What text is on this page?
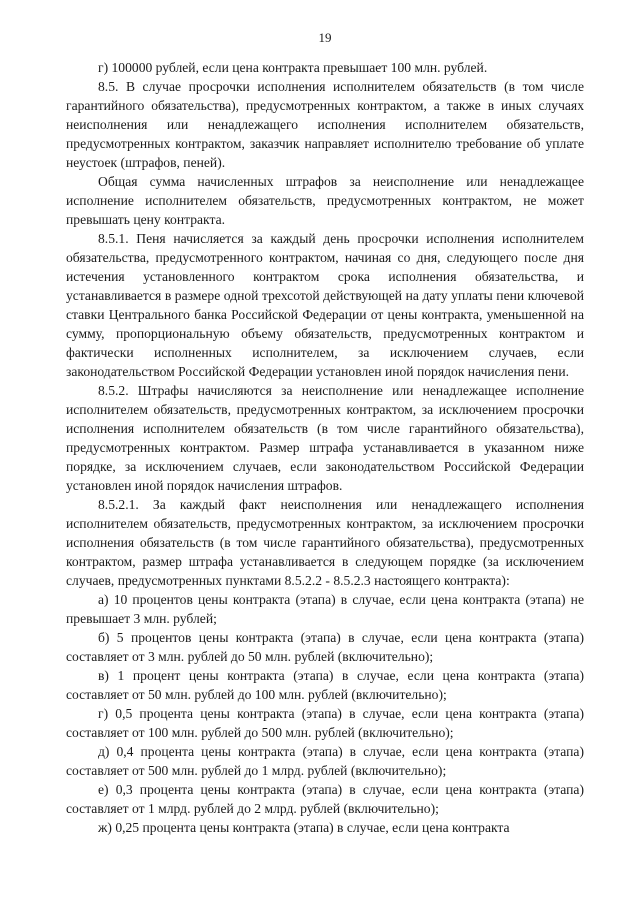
19

г) 100000 рублей, если цена контракта превышает 100 млн. рублей.

8.5. В случае просрочки исполнения исполнителем обязательств (в том числе гарантийного обязательства), предусмотренных контрактом, а также в иных случаях неисполнения или ненадлежащего исполнения исполнителем обязательств, предусмотренных контрактом, заказчик направляет исполнителю требование об уплате неустоек (штрафов, пеней).

Общая сумма начисленных штрафов за неисполнение или ненадлежащее исполнение исполнителем обязательств, предусмотренных контрактом, не может превышать цену контракта.

8.5.1. Пеня начисляется за каждый день просрочки исполнения исполнителем обязательства, предусмотренного контрактом, начиная со дня, следующего после дня истечения установленного контрактом срока исполнения обязательства, и устанавливается в размере одной трехсотой действующей на дату уплаты пени ключевой ставки Центрального банка Российской Федерации от цены контракта, уменьшенной на сумму, пропорциональную объему обязательств, предусмотренных контрактом и фактически исполненных исполнителем, за исключением случаев, если законодательством Российской Федерации установлен иной порядок начисления пени.

8.5.2. Штрафы начисляются за неисполнение или ненадлежащее исполнение исполнителем обязательств, предусмотренных контрактом, за исключением просрочки исполнения исполнителем обязательств (в том числе гарантийного обязательства), предусмотренных контрактом. Размер штрафа устанавливается в указанном ниже порядке, за исключением случаев, если законодательством Российской Федерации установлен иной порядок начисления штрафов.

8.5.2.1. За каждый факт неисполнения или ненадлежащего исполнения исполнителем обязательств, предусмотренных контрактом, за исключением просрочки исполнения обязательств (в том числе гарантийного обязательства), предусмотренных контрактом, размер штрафа устанавливается в следующем порядке (за исключением случаев, предусмотренных пунктами 8.5.2.2 - 8.5.2.3 настоящего контракта):

а) 10 процентов цены контракта (этапа) в случае, если цена контракта (этапа) не превышает 3 млн. рублей;

б) 5 процентов цены контракта (этапа) в случае, если цена контракта (этапа) составляет от 3 млн. рублей до 50 млн. рублей (включительно);

в) 1 процент цены контракта (этапа) в случае, если цена контракта (этапа) составляет от 50 млн. рублей до 100 млн. рублей (включительно);

г) 0,5 процента цены контракта (этапа) в случае, если цена контракта (этапа) составляет от 100 млн. рублей до 500 млн. рублей (включительно);

д) 0,4 процента цены контракта (этапа) в случае, если цена контракта (этапа) составляет от 500 млн. рублей до 1 млрд. рублей (включительно);

е) 0,3 процента цены контракта (этапа) в случае, если цена контракта (этапа) составляет от 1 млрд. рублей до 2 млрд. рублей (включительно);

ж) 0,25 процента цены контракта (этапа) в случае, если цена контракта
